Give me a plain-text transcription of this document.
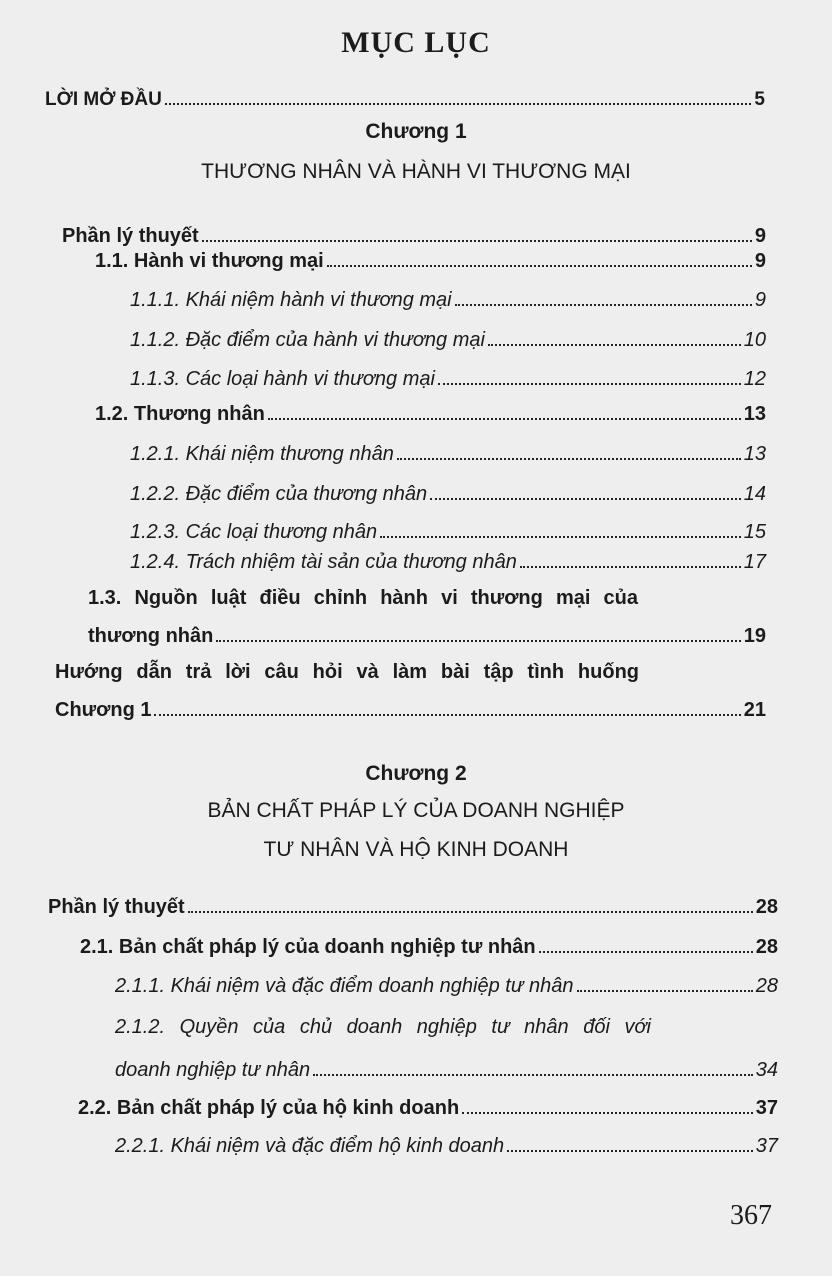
MỤC LỤC
LỜI MỞ ĐẦU	5
Chương 1
THƯƠNG NHÂN VÀ HÀNH VI THƯƠNG MẠI
Phần lý thuyết	9
1.1. Hành vi thương mại	9
1.1.1. Khái niệm hành vi thương mại	9
1.1.2. Đặc điểm của hành vi thương mại	10
1.1.3. Các loại hành vi thương mại	12
1.2. Thương nhân	13
1.2.1. Khái niệm thương nhân	13
1.2.2. Đặc điểm của thương nhân	14
1.2.3. Các loại thương nhân	15
1.2.4. Trách nhiệm tài sản của thương nhân	17
1.3. Nguồn luật điều chỉnh hành vi thương mại của
thương nhân	19
Hướng dẫn trả lời câu hỏi và làm bài tập tình huống
Chương 1	21
Chương 2
BẢN CHẤT PHÁP LÝ CỦA DOANH NGHIỆP
TƯ NHÂN VÀ HỘ KINH DOANH
Phần lý thuyết	28
2.1. Bản chất pháp lý của doanh nghiệp tư nhân	28
2.1.1. Khái niệm và đặc điểm doanh nghiệp tư nhân	28
2.1.2. Quyền của chủ doanh nghiệp tư nhân đối với
doanh nghiệp tư nhân	34
2.2. Bản chất pháp lý của hộ kinh doanh	37
2.2.1. Khái niệm và đặc điểm hộ kinh doanh	37
367
